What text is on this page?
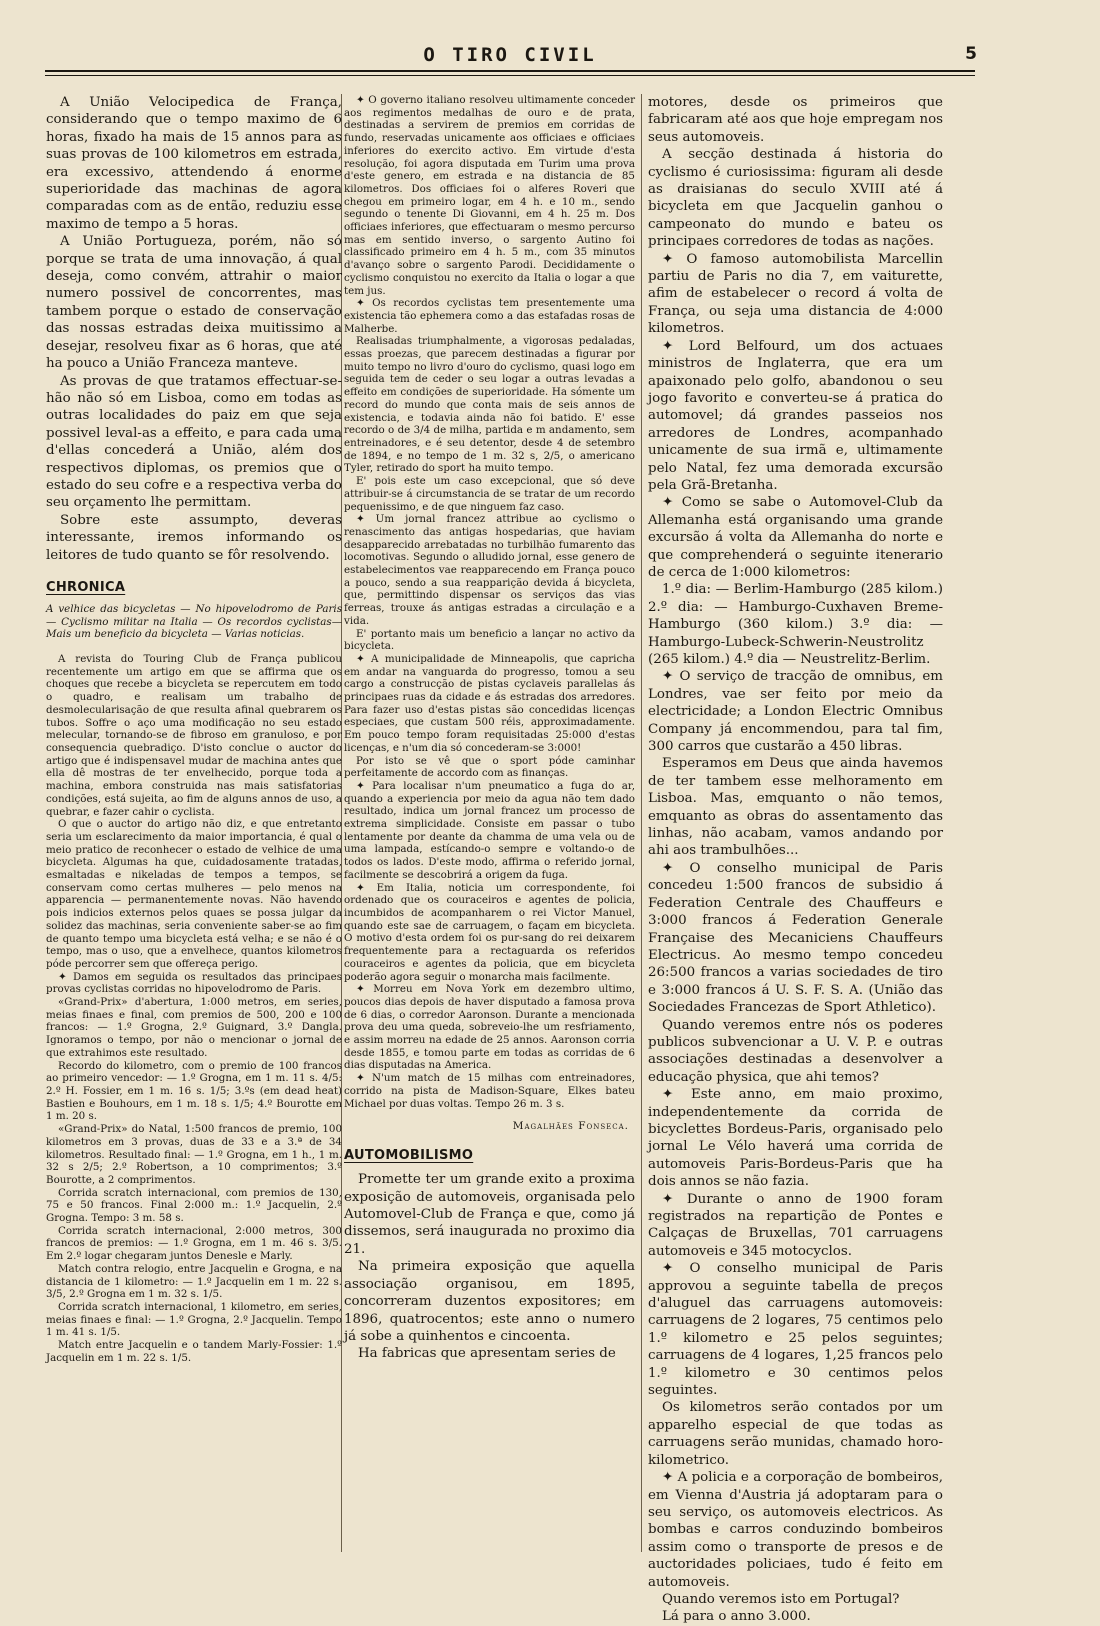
O TIRO CIVIL	5

A União Velocipedica de França, considerando que o tempo maximo de 6 horas, fixado ha mais de 15 annos para as suas provas de 100 kilometros em estrada, era excessivo, attendendo á enorme superioridade das machinas de agora comparadas com as de então, reduziu esse maximo de tempo a 5 horas.

A União Portugueza, porém, não só porque se trata de uma innovação, á qual deseja, como convém, attrahir o maior numero possivel de concorrentes, mas tambem porque o estado de conservação das nossas estradas deixa muitissimo a desejar, resolveu fixar as 6 horas, que até ha pouco a União Franceza manteve.

As provas de que tratamos effectuar-se-hão não só em Lisboa, como em todas as outras localidades do paiz em que seja possivel leval-as a effeito, e para cada uma d'ellas concederá a União, além dos respectivos diplomas, os premios que o estado do seu cofre e a respectiva verba do seu orçamento lhe permittam.

Sobre este assumpto, deveras interessante, iremos informando os leitores de tudo quanto se fôr resolvendo.

CHRONICA
A velhice das bicycletas — No hipovelodromo de Paris — Cyclismo militar na Italia — Os recordos cyclistas—Mais um beneficio da bicycleta — Varias noticias.

A revista do Touring Club de França publicou recentemente um artigo em que se affirma que os choques que recebe a bicycleta se repercutem em todo o quadro, e realisam um trabalho de desmolecularisação de que resulta afinal quebrarem os tubos. Soffre o aço uma modificação no seu estado melecular, tornando-se de fibroso em granuloso, e por consequencia quebradiço. D'isto conclue o auctor do artigo que é indispensavel mudar de machina antes que ella dê mostras de ter envelhecido, porque toda a machina, embora construida nas mais satisfatorias condições, está sujeita, ao fim de alguns annos de uso, a quebrar, e fazer cahir o cyclista.

O que o auctor do artigo não diz, e que entretanto seria um esclarecimento da maior importancia, é qual o meio pratico de reconhecer o estado de velhice de uma bicycleta. Algumas ha que, cuidadosamente tratadas, esmaltadas e nikeladas de tempos a tempos, se conservam como certas mulheres — pelo menos na apparencia — permanentemente novas. Não havendo pois indicios externos pelos quaes se possa julgar da solidez das machinas, seria conveniente saber-se ao fim de quanto tempo uma bicycleta está velha; e se não é o tempo, mas o uso, que a envelhece, quantos kilometros póde percorrer sem que offereça perigo.

✦ Damos em seguida os resultados das principaes provas cyclistas corridas no hipovelodromo de Paris.

«Grand-Prix» d'abertura, 1:000 metros, em series, meias finaes e final, com premios de 500, 200 e 100 francos: — 1.º Grogna, 2.º Guignard, 3.º Dangla. Ignoramos o tempo, por não o mencionar o jornal de que extrahimos este resultado.

Recordo do kilometro, com o premio de 100 francos ao primeiro vencedor: — 1.º Grogna, em 1 m. 11 s. 4/5: 2.º H. Fossier, em 1 m. 16 s. 1/5; 3.ºs (em dead heat) Bastien e Bouhours, em 1 m. 18 s. 1/5; 4.º Bourotte em 1 m. 20 s.

«Grand-Prix» do Natal, 1:500 francos de premio, 100 kilometros em 3 provas, duas de 33 e a 3.ª de 34 kilometros. Resultado final: — 1.º Grogna, em 1 h., 1 m. 32 s 2/5; 2.º Robertson, a 10 comprimentos; 3.º Bourotte, a 2 comprimentos.

Corrida scratch internacional, com premios de 130, 75 e 50 francos. Final 2:000 m.: 1.º Jacquelin, 2.º Grogna. Tempo: 3 m. 58 s.

Corrida scratch internacional, 2:000 metros, 300 francos de premios: — 1.º Grogna, em 1 m. 46 s. 3/5. Em 2.º logar chegaram juntos Denesle e Marly.

Match contra relogio, entre Jacquelin e Grogna, e na distancia de 1 kilometro: — 1.º Jacquelin em 1 m. 22 s. 3/5, 2.º Grogna em 1 m. 32 s. 1/5.

Corrida scratch internacional, 1 kilometro, em series, meias finaes e final: — 1.º Grogna, 2.º Jacquelin. Tempo 1 m. 41 s. 1/5.

Match entre Jacquelin e o tandem Marly-Fossier: 1.º Jacquelin em 1 m. 22 s. 1/5.

✦ O governo italiano resolveu ultimamente conceder aos regimentos medalhas de ouro e de prata, destinadas a servirem de premios em corridas de fundo, reservadas unicamente aos officiaes e officiaes inferiores do exercito activo. Em virtude d'esta resolução, foi agora disputada em Turim uma prova d'este genero, em estrada e na distancia de 85 kilometros. Dos officiaes foi o alferes Roveri que chegou em primeiro logar, em 4 h. e 10 m., sendo segundo o tenente Di Giovanni, em 4 h. 25 m. Dos officiaes inferiores, que effectuaram o mesmo percurso mas em sentido inverso, o sargento Autino foi classificado primeiro em 4 h. 5 m., com 35 minutos d'avanço sobre o sargento Parodi. Decididamente o cyclismo conquistou no exercito da Italia o logar a que tem jus.

✦ Os recordos cyclistas tem presentemente uma existencia tão ephemera como a das estafadas rosas de Malherbe.

Realisadas triumphalmente, a vigorosas pedaladas, essas proezas, que parecem destinadas a figurar por muito tempo no livro d'ouro do cyclismo, quasi logo em seguida tem de ceder o seu logar a outras levadas a effeito em condições de superioridade. Ha sómente um record do mundo que conta mais de seis annos de existencia, e todavia ainda não foi batido. E' esse recordo o de 3/4 de milha, partida e m andamento, sem entreinadores, e é seu detentor, desde 4 de setembro de 1894, e no tempo de 1 m. 32 s, 2/5, o americano Tyler, retirado do sport ha muito tempo.

E' pois este um caso excepcional, que só deve attribuir-se á circumstancia de se tratar de um recordo pequenissimo, e de que ninguem faz caso.

✦ Um jornal francez attribue ao cyclismo o renascimento das antigas hospedarias, que haviam desapparecido arrebatadas no turbilhão fumarento das locomotivas. Segundo o alludido jornal, esse genero de estabelecimentos vae reapparecendo em França pouco a pouco, sendo a sua reapparição devida á bicycleta, que, permittindo dispensar os serviços das vias ferreas, trouxe ás antigas estradas a circulação e a vida.

E' portanto mais um beneficio a lançar no activo da bicycleta.

✦ A municipalidade de Minneapolis, que capricha em andar na vanguarda do progresso, tomou a seu cargo a construcção de pistas cyclaveis parallelas ás principaes ruas da cidade e ás estradas dos arredores. Para fazer uso d'estas pistas são concedidas licenças especiaes, que custam 500 réis, approximadamente. Em pouco tempo foram requisitadas 25:000 d'estas licenças, e n'um dia só concederam-se 3:000!

Por isto se vê que o sport póde caminhar perfeitamente de accordo com as finanças.

✦ Para localisar n'um pneumatico a fuga do ar, quando a experiencia por meio da agua não tem dado resultado, indica um jornal francez um processo de extrema simplicidade. Consiste em passar o tubo lentamente por deante da chamma de uma vela ou de uma lampada, estícando-o sempre e voltando-o de todos os lados. D'este modo, affirma o referido jornal, facilmente se descobrirá a origem da fuga.

✦ Em Italia, noticia um correspondente, foi ordenado que os couraceiros e agentes de policia, incumbidos de acompanharem o rei Victor Manuel, quando este sae de carruagem, o façam em bicycleta. O motivo d'esta ordem foi os pur-sang do rei deixarem frequentemente para a rectaguarda os referidos couraceiros e agentes da policia, que em bicycleta poderão agora seguir o monarcha mais facilmente.

✦ Morreu em Nova York em dezembro ultimo, poucos dias depois de haver disputado a famosa prova de 6 dias, o corredor Aaronson. Durante a mencionada prova deu uma queda, sobreveio-lhe um resfriamento, e assim morreu na edade de 25 annos. Aaronson corria desde 1855, e tomou parte em todas as corridas de 6 dias disputadas na America.

✦ N'um match de 15 milhas com entreinadores, corrido na pista de Madison-Square, Elkes bateu Michael por duas voltas. Tempo 26 m. 3 s.

Magalhães Fonseca.
AUTOMOBILISMO

Promette ter um grande exito a proxima exposição de automoveis, organisada pelo Automovel-Club de França e que, como já dissemos, será inaugurada no proximo dia 21.

Na primeira exposição que aquella associação organisou, em 1895, concorreram duzentos expositores; em 1896, quatrocentos; este anno o numero já sobe a quinhentos e cincoenta.

Ha fabricas que apresentam series de

motores, desde os primeiros que fabricaram até aos que hoje empregam nos seus automoveis.

A secção destinada á historia do cyclismo é curiosissima: figuram ali desde as draisianas do seculo XVIII até á bicycleta em que Jacquelin ganhou o campeonato do mundo e bateu os principaes corredores de todas as nações.

✦ O famoso automobilista Marcellin partiu de Paris no dia 7, em vaiturette, afim de estabelecer o record á volta de França, ou seja uma distancia de 4:000 kilometros.

✦ Lord Belfourd, um dos actuaes ministros de Inglaterra, que era um apaixonado pelo golfo, abandonou o seu jogo favorito e converteu-se á pratica do automovel; dá grandes passeios nos arredores de Londres, acompanhado unicamente de sua irmã e, ultimamente pelo Natal, fez uma demorada excursão pela Grã-Bretanha.

✦ Como se sabe o Automovel-Club da Allemanha está organisando uma grande excursão á volta da Allemanha do norte e que comprehenderá o seguinte itenerario de cerca de 1:000 kilometros:

1.º dia: — Berlim-Hamburgo (285 kilom.) 2.º dia: — Hamburgo-Cuxhaven Breme-Hamburgo (360 kilom.) 3.º dia: — Hamburgo-Lubeck-Schwerin-Neustrolitz (265 kilom.) 4.º dia — Neustrelitz-Berlim.

✦ O serviço de tracção de omnibus, em Londres, vae ser feito por meio da electricidade; a London Electric Omnibus Company já encommendou, para tal fim, 300 carros que custarão a 450 libras.

Esperamos em Deus que ainda havemos de ter tambem esse melhoramento em Lisboa. Mas, emquanto o não temos, emquanto as obras do assentamento das linhas, não acabam, vamos andando por ahi aos trambulhões...

✦ O conselho municipal de Paris concedeu 1:500 francos de subsidio á Federation Centrale des Chauffeurs e 3:000 francos á Federation Generale Française des Mecaniciens Chauffeurs Electricus. Ao mesmo tempo concedeu 26:500 francos a varias sociedades de tiro e 3:000 francos á U. S. F. S. A. (União das Sociedades Francezas de Sport Athletico).

Quando veremos entre nós os poderes publicos subvencionar a U. V. P. e outras associações destinadas a desenvolver a educação physica, que ahi temos?

✦ Este anno, em maio proximo, independentemente da corrida de bicyclettes Bordeus-Paris, organisado pelo jornal Le Vélo haverá uma corrida de automoveis Paris-Bordeus-Paris que ha dois annos se não fazia.

✦ Durante o anno de 1900 foram registrados na repartição de Pontes e Calçaças de Bruxellas, 701 carruagens automoveis e 345 motocyclos.

✦ O conselho municipal de Paris approvou a seguinte tabella de preços d'aluguel das carruagens automoveis: carruagens de 2 logares, 75 centimos pelo 1.º kilometro e 25 pelos seguintes; carruagens de 4 logares, 1,25 francos pelo 1.º kilometro e 30 centimos pelos seguintes.

Os kilometros serão contados por um apparelho especial de que todas as carruagens serão munidas, chamado horo-kilometrico.

✦ A policia e a corporação de bombeiros, em Vienna d'Austria já adoptaram para o seu serviço, os automoveis electricos. As bombas e carros conduzindo bombeiros assim como o transporte de presos e de auctoridades policiaes, tudo é feito em automoveis.

Quando veremos isto em Portugal?

Lá para o anno 3.000.
